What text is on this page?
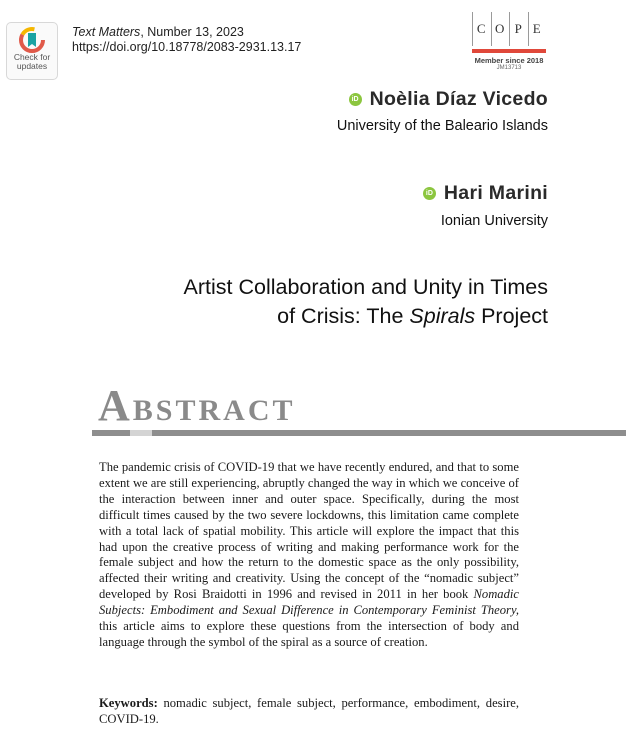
Check for
updates
Text Matters, Number 13, 2023
https://doi.org/10.18778/2083-2931.13.17
C O P E
Member since 2018
JM13713
iD Noèlia Díaz Vicedo
University of the Baleario Islands
iD Hari Marini
Ionian University
Artist Collaboration and Unity in Times
of Crisis: The Spirals Project
ABSTRACT
The pandemic crisis of COVID-19 that we have recently endured, and that to some extent we are still experiencing, abruptly changed the way in which we conceive of the interaction between inner and outer space. Specifically, during the most difficult times caused by the two severe lockdowns, this limitation came complete with a total lack of spatial mobility. This article will explore the impact that this had upon the creative process of writing and making performance work for the female subject and how the return to the domestic space as the only possibility, affected their writing and creativity. Using the concept of the “nomadic subject” developed by Rosi Braidotti in 1996 and revised in 2011 in her book Nomadic Subjects: Embodiment and Sexual Difference in Contemporary Feminist Theory, this article aims to explore these questions from the intersection of body and language through the symbol of the spiral as a source of creation.
Keywords: nomadic subject, female subject, performance, embodiment, desire, COVID-19.
